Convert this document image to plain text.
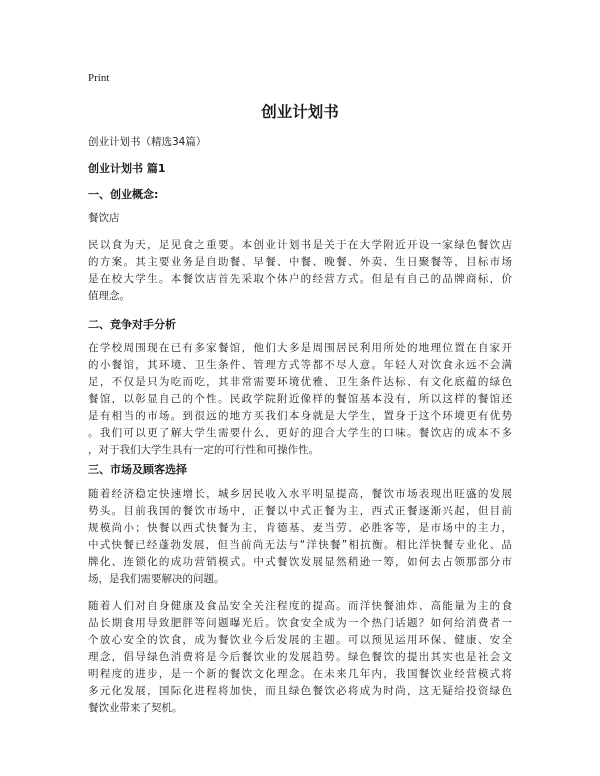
Print
创业计划书

创业计划书（精选34篇）

创业计划书 篇1
一、创业概念:

餐饮店

民以食为天，足见食之重要。本创业计划书是关于在大学附近开设一家绿色餐饮店

的方案。其主要业务是自助餐、早餐、中餐、晚餐、外卖、生日聚餐等，目标市场

是在校大学生。本餐饮店首先采取个体户的经营方式。但是有自己的品牌商标，价

值理念。

二、竞争对手分析

在学校周围现在已有多家餐馆，他们大多是周围居民利用所处的地理位置在自家开

的小餐馆，其环境、卫生条件、管理方式等都不尽人意。年轻人对饮食永远不会满

足，不仅是只为吃而吃，其非常需要环境优雅、卫生条件达标、有文化底蕴的绿色

餐馆，以彰显自己的个性。民政学院附近像样的餐馆基本没有，所以这样的餐馆还

是有相当的市场。到很远的地方买我们本身就是大学生，置身于这个环境更有优势

。我们可以更了解大学生需要什么，更好的迎合大学生的口味。餐饮店的成本不多

，对于我们大学生具有一定的可行性和可操作性。

三、市场及顾客选择

随着经济稳定快速增长，城乡居民收入水平明显提高，餐饮市场表现出旺盛的发展

势头。目前我国的餐饮市场中，正餐以中式正餐为主，西式正餐逐渐兴起，但目前

规模尚小；快餐以西式快餐为主，肯德基、麦当劳、必胜客等，是市场中的主力，

中式快餐已经蓬勃发展，但当前尚无法与“洋快餐”相抗衡。相比洋快餐专业化、品

牌化、连锁化的成功营销模式。中式餐饮发展显然稍逊一筹，如何去占领那部分市

场，是我们需要解决的问题。

随着人们对自身健康及食品安全关注程度的提高。而洋快餐油炸、高能量为主的食

品长期食用导致肥胖等问题曝光后。饮食安全成为一个热门话题？如何给消费者一

个放心安全的饮食，成为餐饮业今后发展的主题。可以预见运用环保、健康、安全

理念，倡导绿色消费将是今后餐饮业的发展趋势。绿色餐饮的提出其实也是社会文

明程度的进步，是一个新的餐饮文化理念。在未来几年内，我国餐饮业经营模式将

多元化发展，国际化进程将加快，而且绿色餐饮必将成为时尚，这无疑给投资绿色

餐饮业带来了契机。
